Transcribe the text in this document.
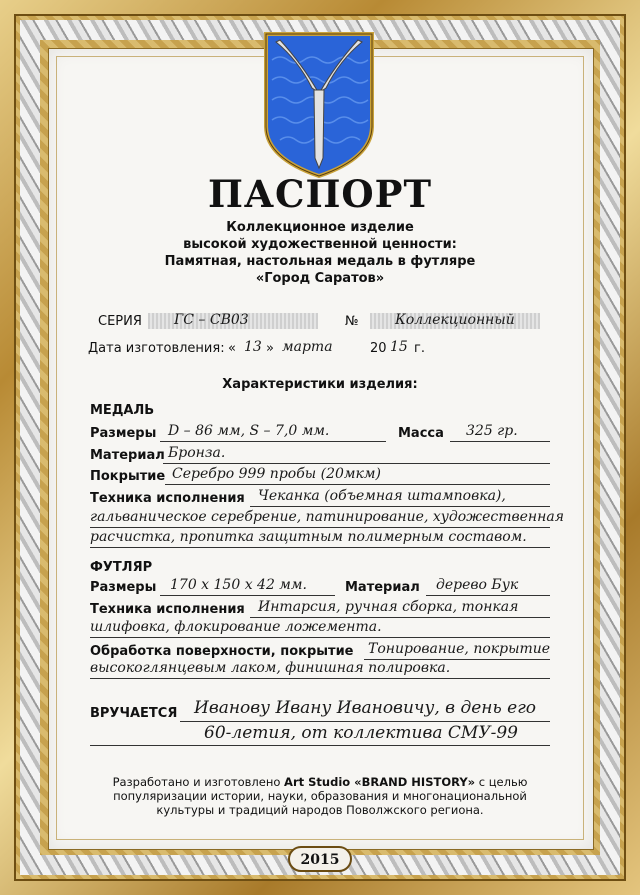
ПАСПОРТ
Коллекционное изделие
высокой художественной ценности:
Памятная, настольная медаль в футляре
«Город Саратов»
СЕРИЯ ГС – СВ03	№	Коллекционный
Дата изготовления: « 13 » марта	20 15 г.
Характеристики изделия:
МЕДАЛЬ
Размеры D – 86 мм, S – 7,0 мм.	Масса 325 гр.
Материал Бронза.
Покрытие Серебро 999 пробы (20мкм)
Техника исполнения Чеканка (объемная штамповка),
гальваническое серебрение, патинирование, художественная
расчистка, пропитка защитным полимерным составом.
ФУТЛЯР
Размеры 170 х 150 х 42 мм.	Материал дерево Бук
Техника исполнения Интарсия, ручная сборка, тонкая
шлифовка, флокирование ложемента.
Обработка поверхности, покрытие Тонирование, покрытие
высокоглянцевым лаком, финишная полировка.
ВРУЧАЕТСЯ Иванову Ивану Ивановичу, в день его
60-летия, от коллектива СМУ-99
Разработано и изготовлено Art Studio «BRAND HISTORY» с целью
популяризации истории, науки, образования и многонациональной
культуры и традиций народов Поволжского региона.
2015
